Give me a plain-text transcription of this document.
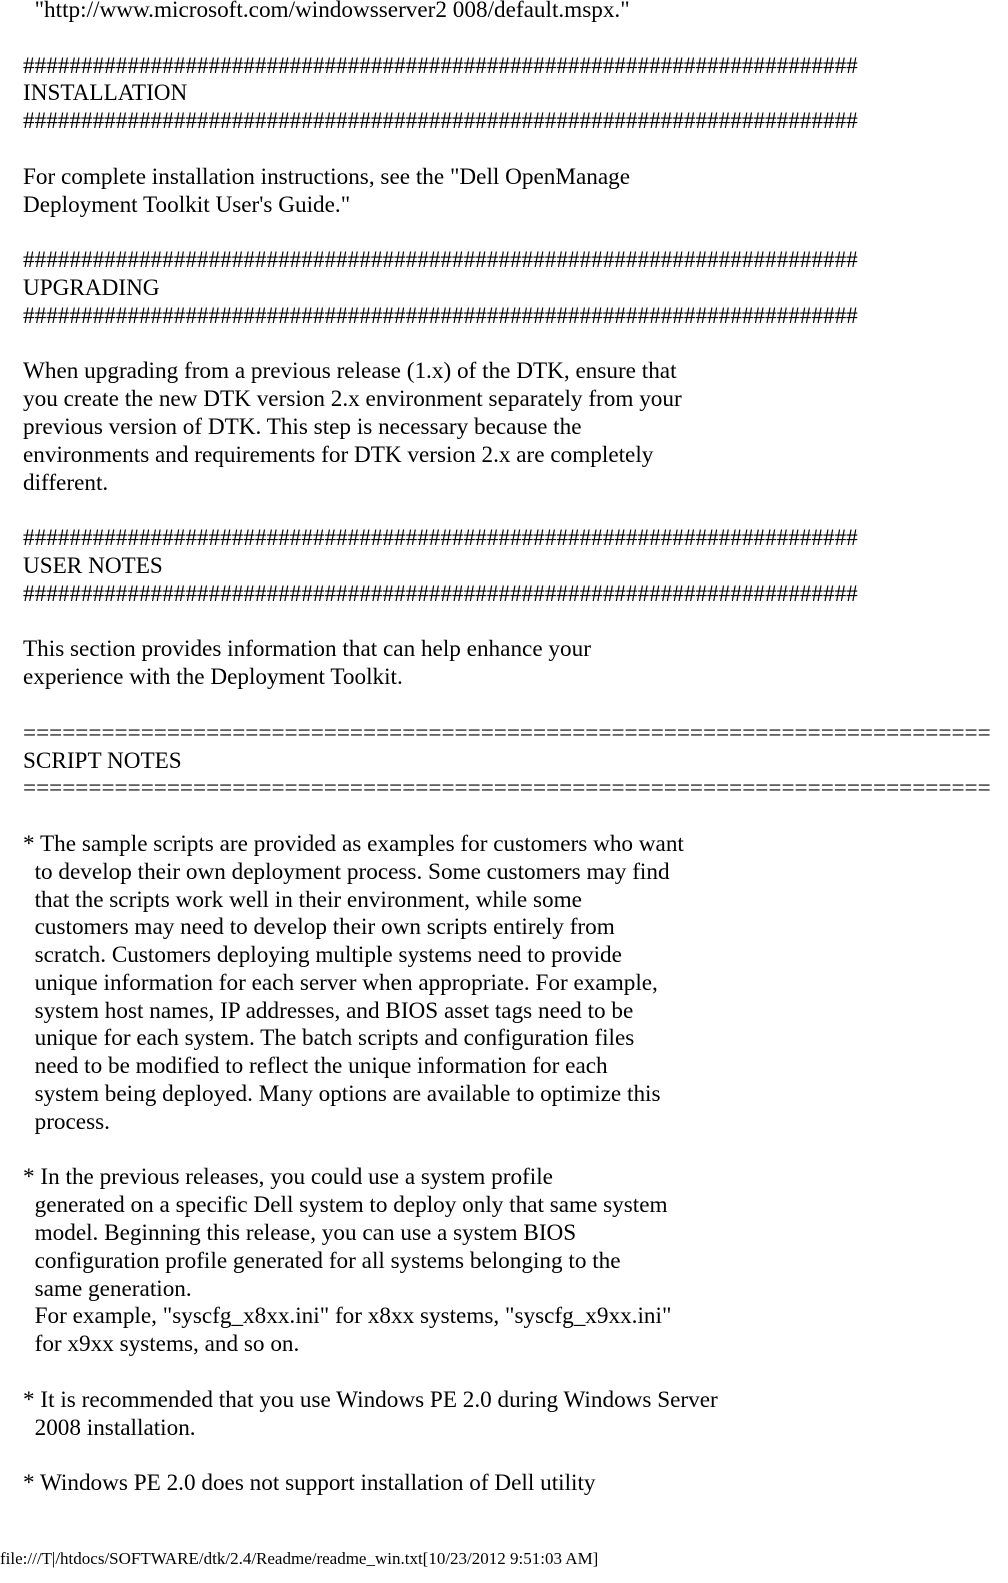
"http://www.microsoft.com/windowsserver2 008/default.mspx."
########################################################################
INSTALLATION
########################################################################
For complete installation instructions, see the "Dell OpenManage
Deployment Toolkit User's Guide."
########################################################################
UPGRADING
########################################################################
When upgrading from a previous release (1.x) of the DTK, ensure that
you create the new DTK version 2.x environment separately from your
previous version of DTK. This step is necessary because the
environments and requirements for DTK version 2.x are completely
different.
########################################################################
USER NOTES
########################################################################
This section provides information that can help enhance your
experience with the Deployment Toolkit.
==========================================================================
SCRIPT NOTES
==========================================================================
* The sample scripts are provided as examples for customers who want
to develop their own deployment process. Some customers may find
that the scripts work well in their environment, while some
customers may need to develop their own scripts entirely from
scratch. Customers deploying multiple systems need to provide
unique information for each server when appropriate. For example,
system host names, IP addresses, and BIOS asset tags need to be
unique for each system. The batch scripts and configuration files
need to be modified to reflect the unique information for each
system being deployed. Many options are available to optimize this
process.
* In the previous releases, you could use a system profile
generated on a specific Dell system to deploy only that same system
model. Beginning this release, you can use a system BIOS
configuration profile generated for all systems belonging to the
same generation.
For example, "syscfg_x8xx.ini" for x8xx systems, "syscfg_x9xx.ini"
for x9xx systems, and so on.
* It is recommended that you use Windows PE 2.0 during Windows Server
2008 installation.
* Windows PE 2.0 does not support installation of Dell utility
file:///T|/htdocs/SOFTWARE/dtk/2.4/Readme/readme_win.txt[10/23/2012 9:51:03 AM]
